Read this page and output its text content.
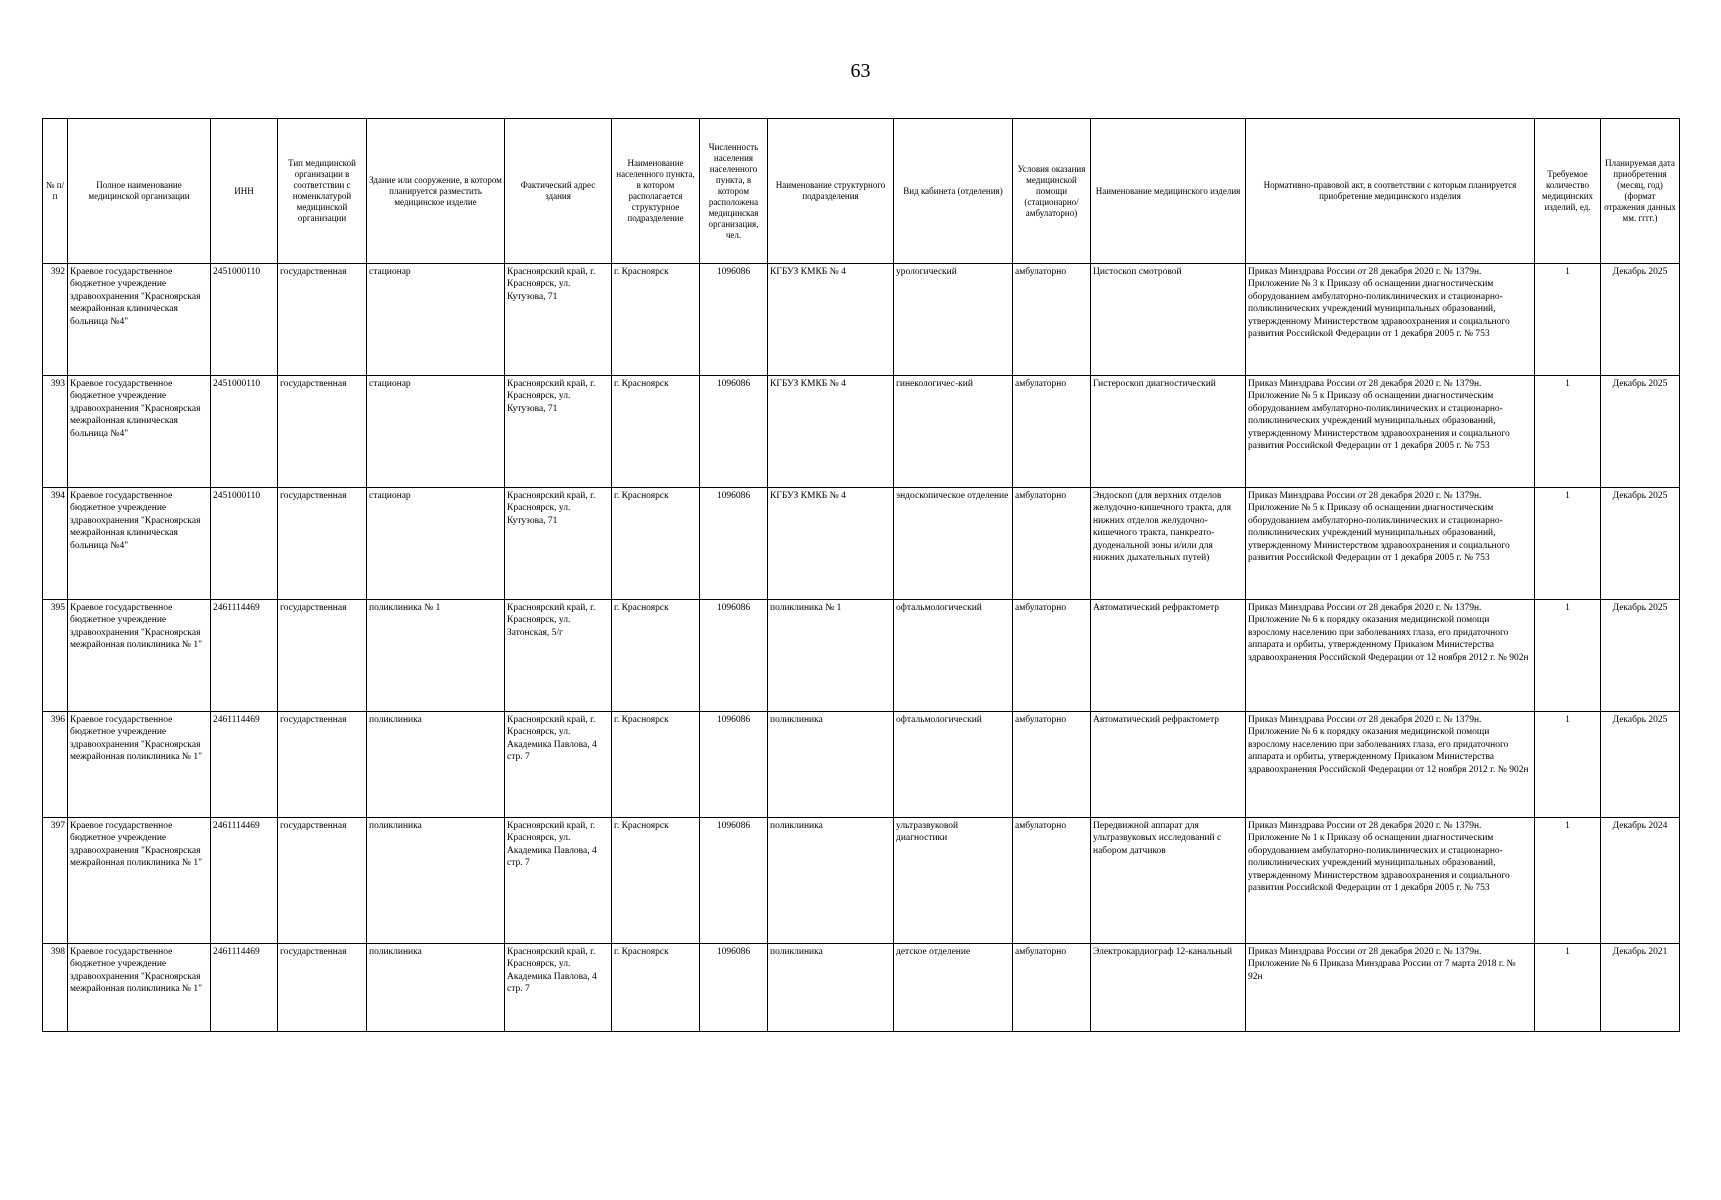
63
№ п/п	Полное наименование медицинской организации	ИНН	Тип медицинской организации в соответствии с номенклатурой медицинской организации	Здание или сооружение, в котором планируется разместить медицинское изделие	Фактический адрес здания	Наименование населенного пункта, в котором располагается структурное подразделение	Численность населения населенного пункта, в котором расположена медицинская организация, чел.	Наименование структурного подразделения	Вид кабинета (отделения)	Условия оказания медицинской помощи (стационарно/ амбулаторно)	Наименование медицинского изделия	Нормативно-правовой акт, в соответствии с которым планируется приобретение медицинского изделия	Требуемое количество медицинских изделий, ед.	Планируемая дата приобретения (месяц, год) (формат отражения данных мм. гггг.)
392	Краевое государственное бюджетное учреждение здравоохранения "Красноярская межрайонная клиническая больница №4"	2451000110	государственная	стационар	Красноярский край, г. Красноярск, ул. Кутузова, 71	г. Красноярск	1096086	КГБУЗ КМКБ № 4	урологический	амбулаторно	Цистоскоп смотровой	Приказ Минздрава России от 28 декабря 2020 г. № 1379н. Приложение № 3 к Приказу об оснащении диагностическим оборудованием амбулаторно-поликлинических и стационарно-поликлинических учреждений муниципальных образований, утвержденному Министерством здравоохранения и социального развития Российской Федерации от 1 декабря 2005 г. № 753	1	Декабрь 2025
393	Краевое государственное бюджетное учреждение здравоохранения "Красноярская межрайонная клиническая больница №4"	2451000110	государственная	стационар	Красноярский край, г. Красноярск, ул. Кутузова, 71	г. Красноярск	1096086	КГБУЗ КМКБ № 4	гинекологичес-кий	амбулаторно	Гистероскоп диагностический	Приказ Минздрава России от 28 декабря 2020 г. № 1379н. Приложение № 5 к Приказу об оснащении диагностическим оборудованием амбулаторно-поликлинических и стационарно-поликлинических учреждений муниципальных образований, утвержденному Министерством здравоохранения и социального развития Российской Федерации от 1 декабря 2005 г. № 753	1	Декабрь 2025
394	Краевое государственное бюджетное учреждение здравоохранения "Красноярская межрайонная клиническая больница №4"	2451000110	государственная	стационар	Красноярский край, г. Красноярск, ул. Кутузова, 71	г. Красноярск	1096086	КГБУЗ КМКБ № 4	эндоскопическое отделение	амбулаторно	Эндоскоп (для верхних отделов желудочно-кишечного тракта, для нижних отделов желудочно-кишечного тракта, панкреато-дуоденальной зоны и/или для нижних дыхательных путей)	Приказ Минздрава России от 28 декабря 2020 г. № 1379н. Приложение № 5 к Приказу об оснащении диагностическим оборудованием амбулаторно-поликлинических и стационарно-поликлинических учреждений муниципальных образований, утвержденному Министерством здравоохранения и социального развития Российской Федерации от 1 декабря 2005 г. № 753	1	Декабрь 2025
395	Краевое государственное бюджетное учреждение здравоохранения "Красноярская межрайонная поликлиника № 1"	2461114469	государственная	поликлиника № 1	Красноярский край, г. Красноярск, ул. Затонская, 5/г	г. Красноярск	1096086	поликлиника № 1	офтальмологический	амбулаторно	Автоматический рефрактометр	Приказ Минздрава России от 28 декабря 2020 г. № 1379н. Приложение № 6 к порядку оказания медицинской помощи взрослому населению при заболеваниях глаза, его придаточного аппарата и орбиты, утвержденному Приказом Министерства здравоохранения Российской Федерации от 12 ноября 2012 г. № 902н	1	Декабрь 2025
396	Краевое государственное бюджетное учреждение здравоохранения "Красноярская межрайонная поликлиника № 1"	2461114469	государственная	поликлиника	Красноярский край, г. Красноярск, ул. Академика Павлова, 4 стр. 7	г. Красноярск	1096086	поликлиника	офтальмологический	амбулаторно	Автоматический рефрактометр	Приказ Минздрава России от 28 декабря 2020 г. № 1379н. Приложение № 6 к порядку оказания медицинской помощи взрослому населению при заболеваниях глаза, его придаточного аппарата и орбиты, утвержденному Приказом Министерства здравоохранения Российской Федерации от 12 ноября 2012 г. № 902н	1	Декабрь 2025
397	Краевое государственное бюджетное учреждение здравоохранения "Красноярская межрайонная поликлиника № 1"	2461114469	государственная	поликлиника	Красноярский край, г. Красноярск, ул. Академика Павлова, 4 стр. 7	г. Красноярск	1096086	поликлиника	ультразвуковой диагностики	амбулаторно	Передвижной аппарат для ультразвуковых исследований с набором датчиков	Приказ Минздрава России от 28 декабря 2020 г. № 1379н. Приложение № 1 к Приказу об оснащении диагностическим оборудованием амбулаторно-поликлинических и стационарно-поликлинических учреждений муниципальных образований, утвержденному Министерством здравоохранения и социального развития Российской Федерации от 1 декабря 2005 г. № 753	1	Декабрь 2024
398	Краевое государственное бюджетное учреждение здравоохранения "Красноярская межрайонная поликлиника № 1"	2461114469	государственная	поликлиника	Красноярский край, г. Красноярск, ул. Академика Павлова, 4 стр. 7	г. Красноярск	1096086	поликлиника	детское отделение	амбулаторно	Электрокардиограф 12-канальный	Приказ Минздрава России от 28 декабря 2020 г. № 1379н. Приложение № 6 Приказа Минздрава России от 7 марта 2018 г. № 92н	1	Декабрь 2021
